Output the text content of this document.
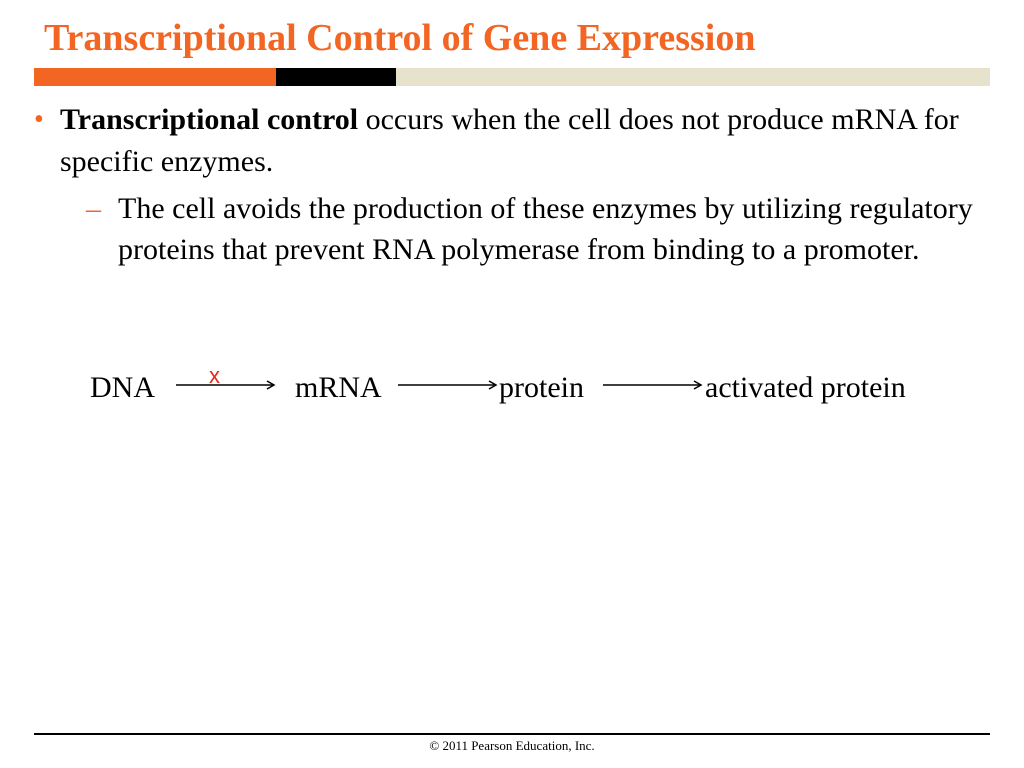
Transcriptional Control of Gene Expression
• Transcriptional control occurs when the cell does not produce mRNA for specific enzymes.
– The cell avoids the production of these enzymes by utilizing regulatory proteins that prevent RNA polymerase from binding to a promoter.
DNA x	mRNA	protein	activated protein
© 2011 Pearson Education, Inc.
